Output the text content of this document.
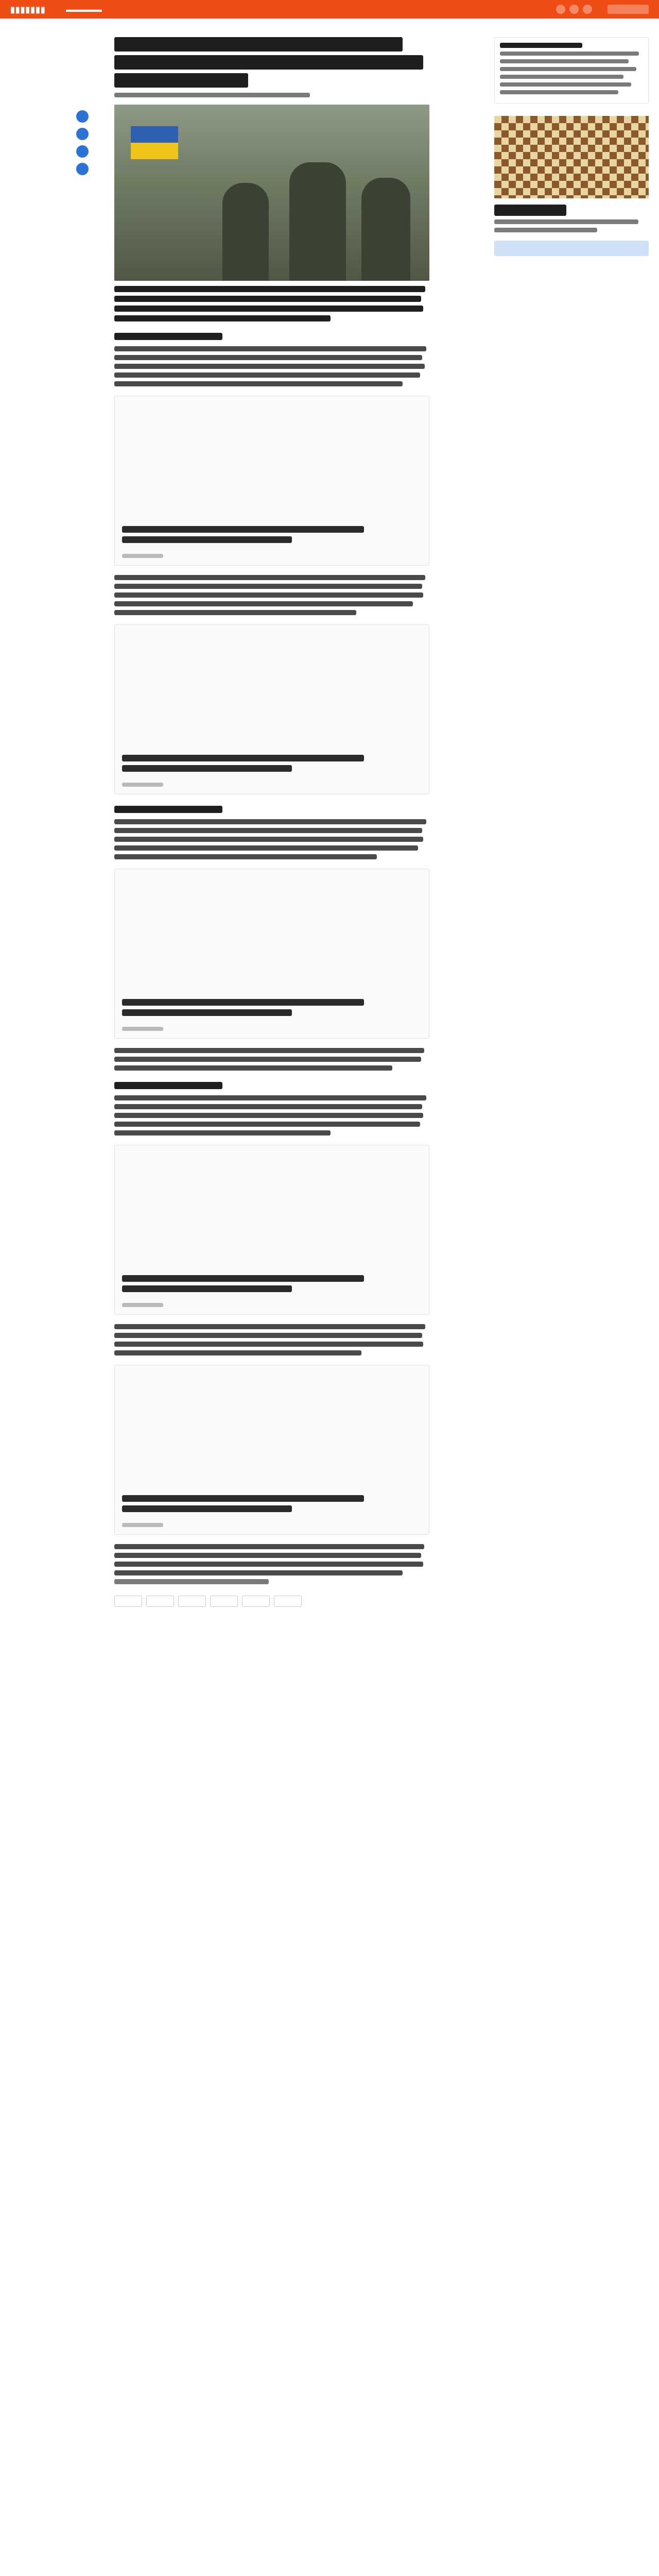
▮▮▮▮▮▮▮	▬▬▬▬▬
